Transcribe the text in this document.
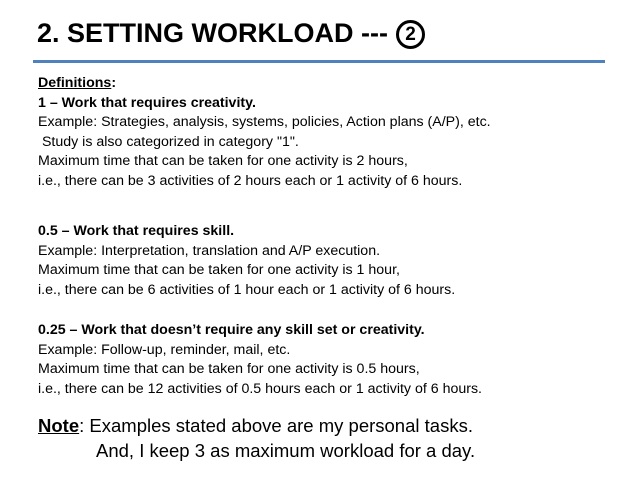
2. SETTING WORKLOAD --- 2
Definitions:
1 – Work that requires creativity.
Example: Strategies, analysis, systems, policies, Action plans (A/P), etc.
Study is also categorized in category "1".
Maximum time that can be taken for one activity is 2 hours,
i.e., there can be 3 activities of 2 hours each or 1 activity of 6 hours.
0.5 – Work that requires skill.
Example: Interpretation, translation and A/P execution.
Maximum time that can be taken for one activity is 1 hour,
i.e., there can be 6 activities of 1 hour each or 1 activity of 6 hours.
0.25 – Work that doesn’t require any skill set or creativity.
Example: Follow-up, reminder, mail, etc.
Maximum time that can be taken for one activity is 0.5 hours,
i.e., there can be 12 activities of 0.5 hours each or 1 activity of 6 hours.
Note: Examples stated above are my personal tasks.
And, I keep 3 as maximum workload for a day.
